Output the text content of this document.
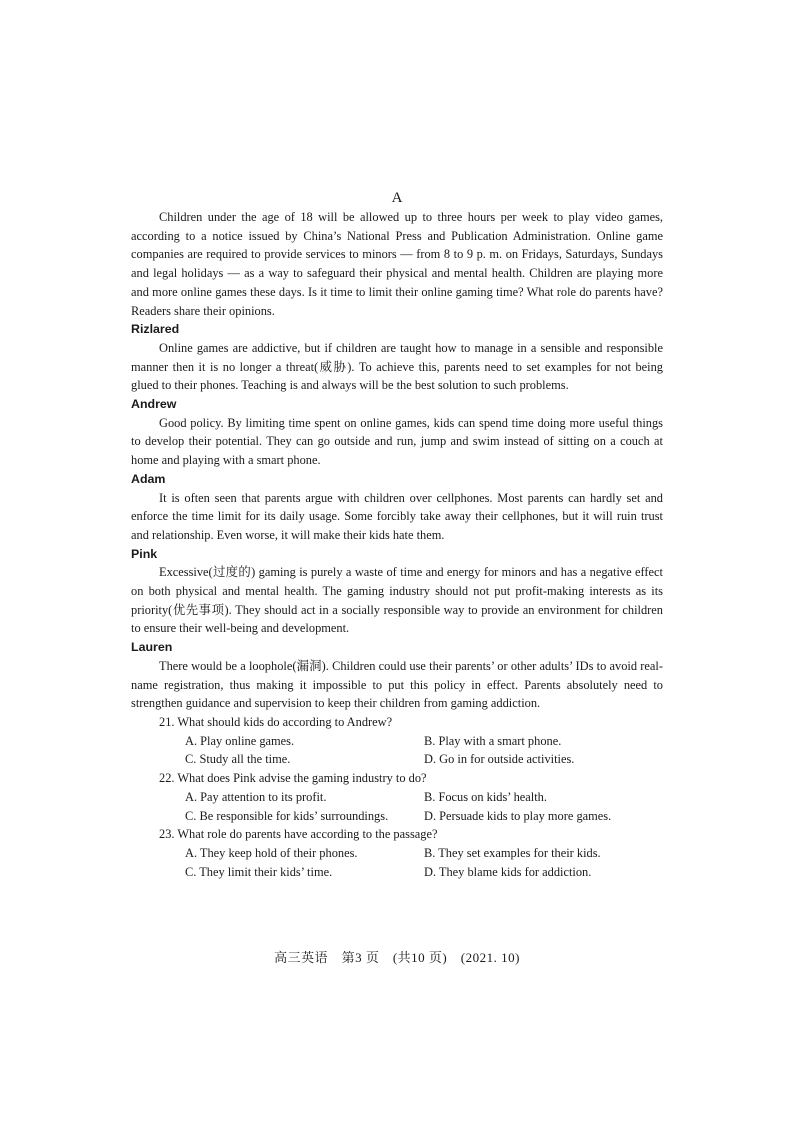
A

Children under the age of 18 will be allowed up to three hours per week to play video games, according to a notice issued by China’s National Press and Publication Administration. Online game companies are required to provide services to minors — from 8 to 9 p. m. on Fridays, Saturdays, Sundays and legal holidays — as a way to safeguard their physical and mental health. Children are playing more and more online games these days. Is it time to limit their online gaming time? What role do parents have? Readers share their opinions.

Rizlared

Online games are addictive, but if children are taught how to manage in a sensible and responsible manner then it is no longer a threat(威胁). To achieve this, parents need to set examples for not being glued to their phones. Teaching is and always will be the best solution to such problems.

Andrew

Good policy. By limiting time spent on online games, kids can spend time doing more useful things to develop their potential. They can go outside and run, jump and swim instead of sitting on a couch at home and playing with a smart phone.

Adam

It is often seen that parents argue with children over cellphones. Most parents can hardly set and enforce the time limit for its daily usage. Some forcibly take away their cellphones, but it will ruin trust and relationship. Even worse, it will make their kids hate them.

Pink

Excessive(过度的) gaming is purely a waste of time and energy for minors and has a negative effect on both physical and mental health. The gaming industry should not put profit-making interests as its priority(优先事项). They should act in a socially responsible way to provide an environment for children to ensure their well-being and development.

Lauren

There would be a loophole(漏洞). Children could use their parents’ or other adults’ IDs to avoid real-name registration, thus making it impossible to put this policy in effect. Parents absolutely need to strengthen guidance and supervision to keep their children from gaming addiction.

21. What should kids do according to Andrew?

A. Play online games.	B. Play with a smart phone.
C. Study all the time.	D. Go in for outside activities.

22. What does Pink advise the gaming industry to do?

A. Pay attention to its profit.	B. Focus on kids’ health.
C. Be responsible for kids’ surroundings.	D. Persuade kids to play more games.

23. What role do parents have according to the passage?

A. They keep hold of their phones.	B. They set examples for their kids.
C. They limit their kids’ time.	D. They blame kids for addiction.
高三英语　第3 页　(共10 页)　(2021. 10)
